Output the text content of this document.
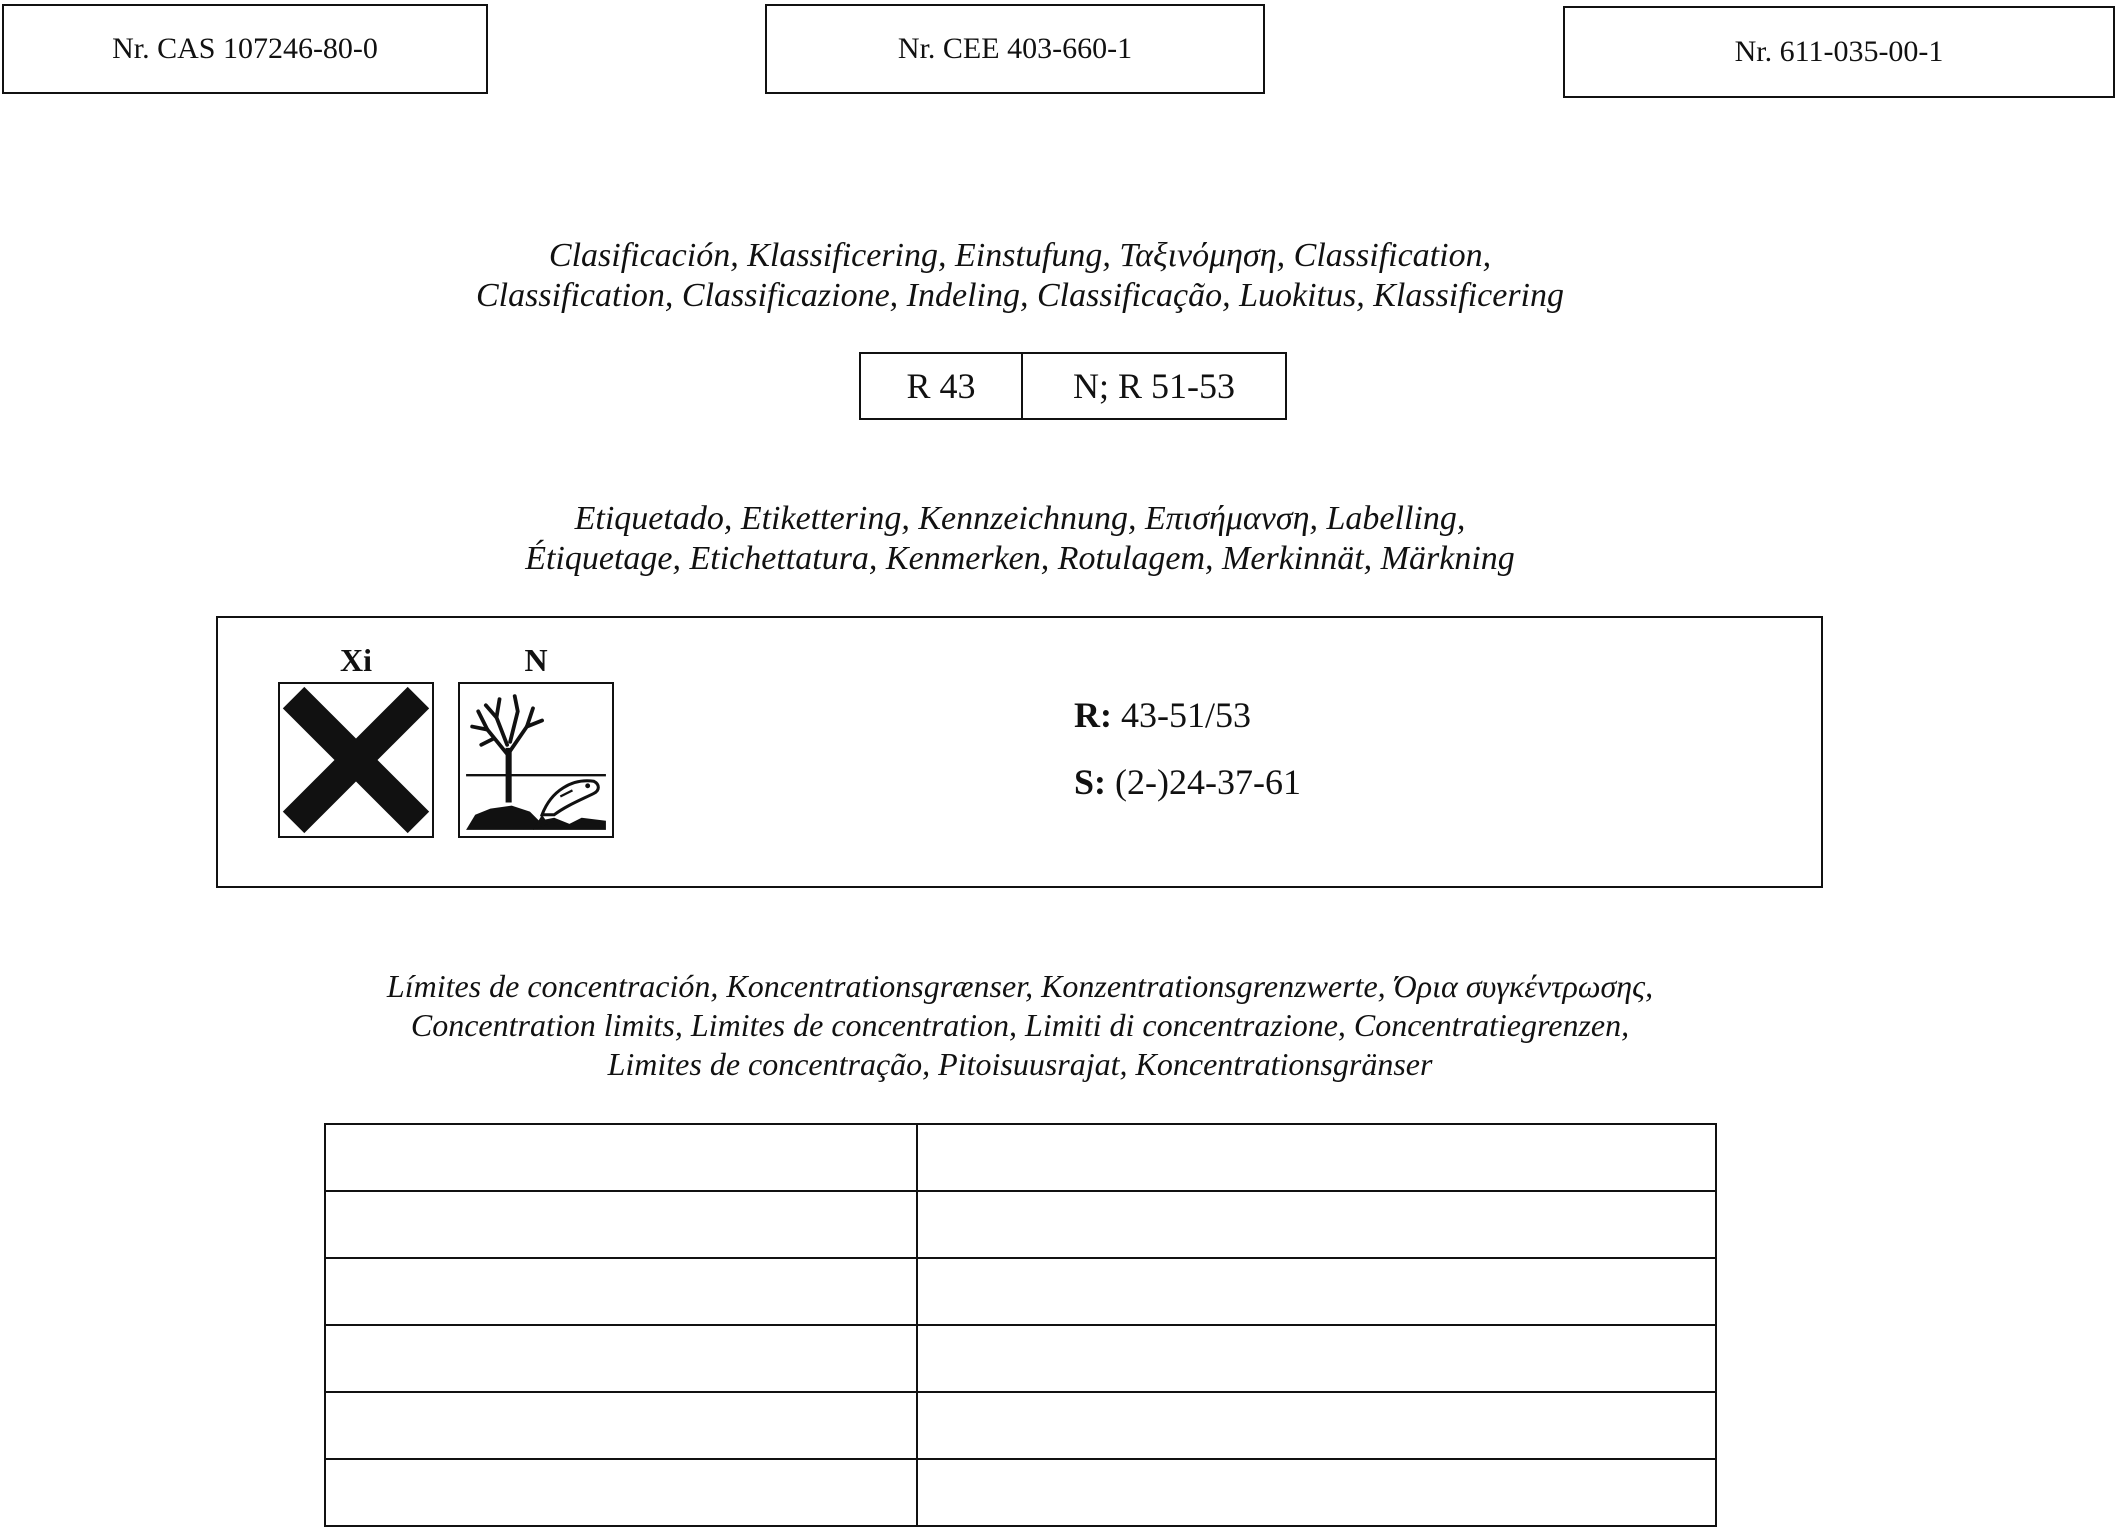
Nr. CAS 107246-80-0	Nr. CEE 403-660-1	Nr. 611-035-00-1
Clasificación, Klassificering, Einstufung, Ταξινόμηση, Classification,
Classification, Classificazione, Indeling, Classificação, Luokitus, Klassificering
R 43	N; R 51-53
Etiquetado, Etikettering, Kennzeichnung, Επισήμανση, Labelling,
Étiquetage, Etichettatura, Kenmerken, Rotulagem, Merkinnät, Märkning
Xi	N
R: 43-51/53
S: (2-)24-37-61
Límites de concentración, Koncentrationsgrænser, Konzentrationsgrenzwerte, Όρια συγκέντρωσης,
Concentration limits, Limites de concentration, Limiti di concentrazione, Concentratiegrenzen,
Limites de concentração, Pitoisuusrajat, Koncentrationsgränser
